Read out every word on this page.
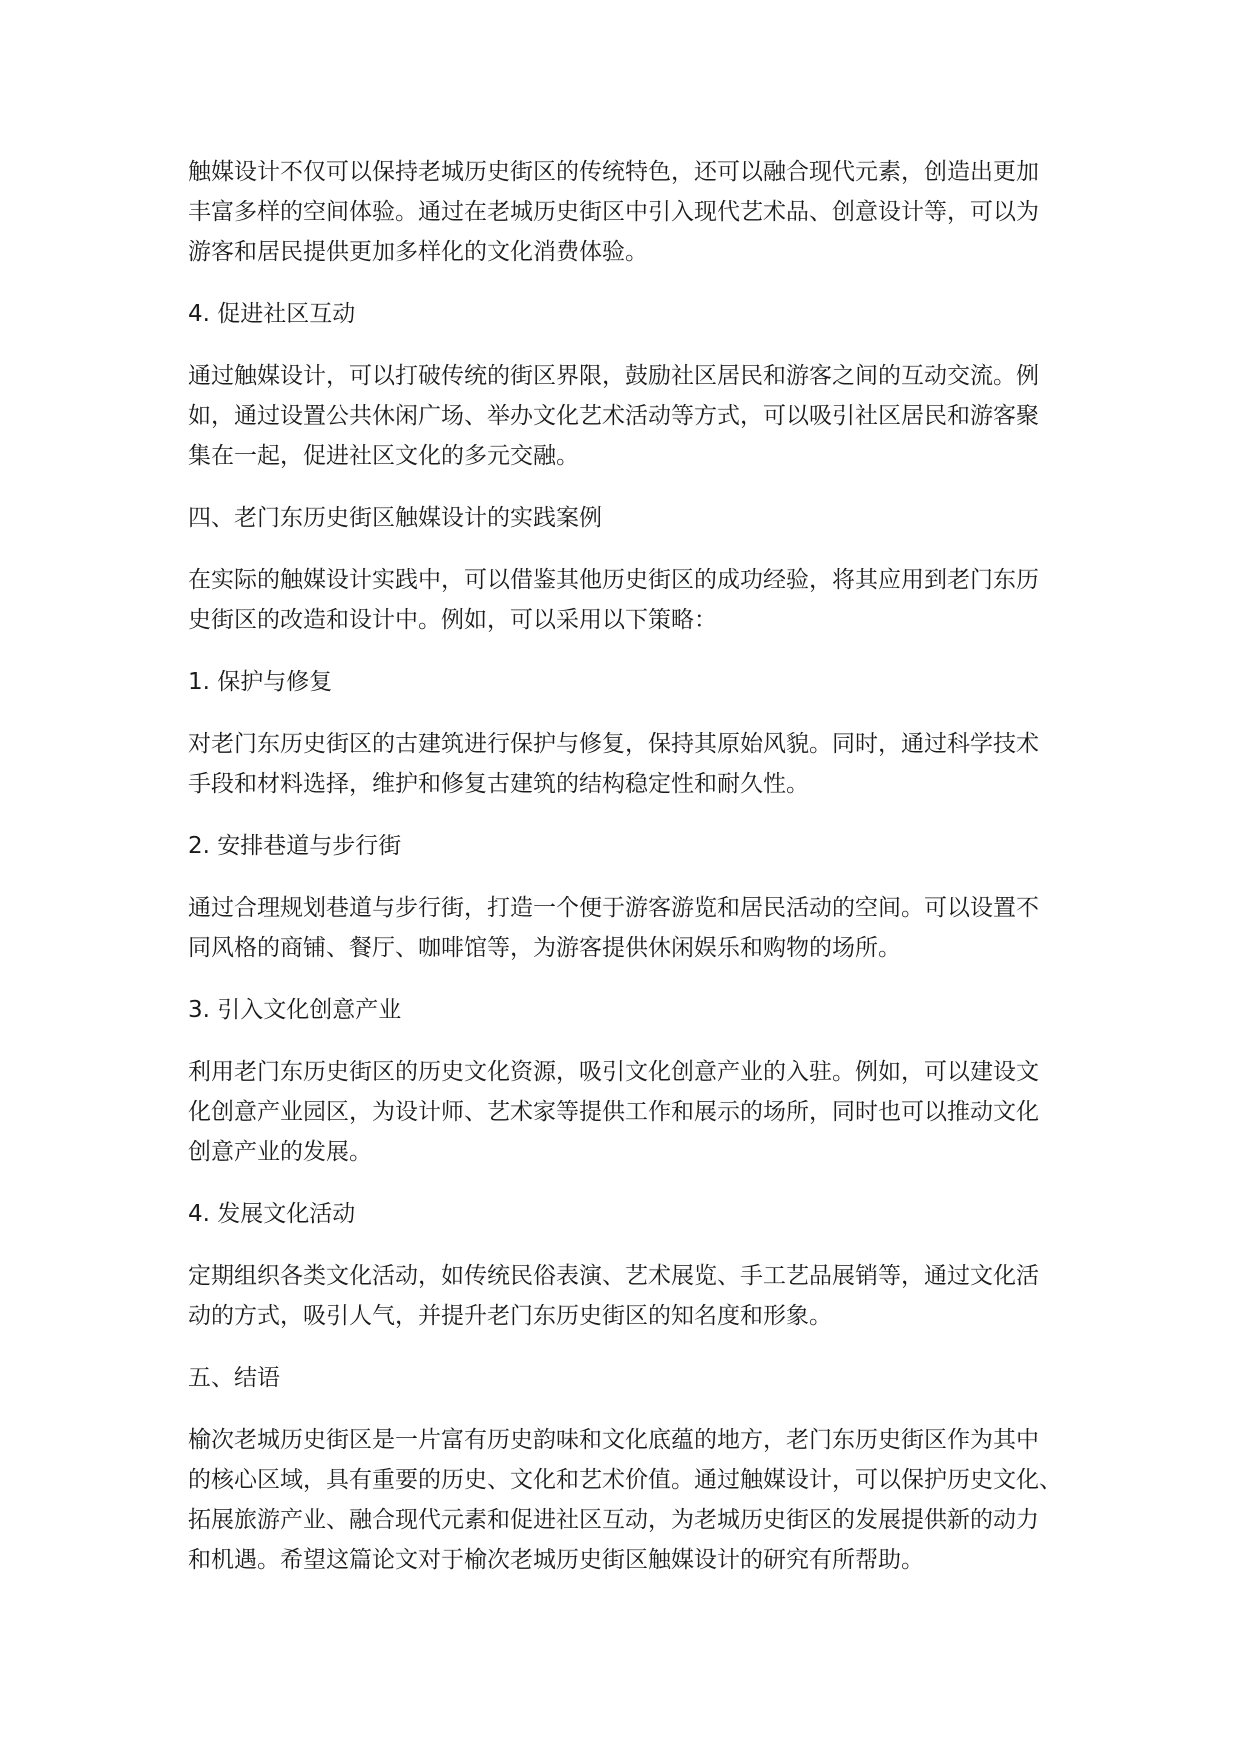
触媒设计不仅可以保持老城历史街区的传统特色，还可以融合现代元素，创造出更加
丰富多样的空间体验。通过在老城历史街区中引入现代艺术品、创意设计等，可以为
游客和居民提供更加多样化的文化消费体验。

4. 促进社区互动

通过触媒设计，可以打破传统的街区界限，鼓励社区居民和游客之间的互动交流。例
如，通过设置公共休闲广场、举办文化艺术活动等方式，可以吸引社区居民和游客聚
集在一起，促进社区文化的多元交融。

四、老门东历史街区触媒设计的实践案例

在实际的触媒设计实践中，可以借鉴其他历史街区的成功经验，将其应用到老门东历
史街区的改造和设计中。例如，可以采用以下策略：

1. 保护与修复

对老门东历史街区的古建筑进行保护与修复，保持其原始风貌。同时，通过科学技术
手段和材料选择，维护和修复古建筑的结构稳定性和耐久性。

2. 安排巷道与步行街

通过合理规划巷道与步行街，打造一个便于游客游览和居民活动的空间。可以设置不
同风格的商铺、餐厅、咖啡馆等，为游客提供休闲娱乐和购物的场所。

3. 引入文化创意产业

利用老门东历史街区的历史文化资源，吸引文化创意产业的入驻。例如，可以建设文
化创意产业园区，为设计师、艺术家等提供工作和展示的场所，同时也可以推动文化
创意产业的发展。

4. 发展文化活动

定期组织各类文化活动，如传统民俗表演、艺术展览、手工艺品展销等，通过文化活
动的方式，吸引人气，并提升老门东历史街区的知名度和形象。

五、结语

榆次老城历史街区是一片富有历史韵味和文化底蕴的地方，老门东历史街区作为其中
的核心区域，具有重要的历史、文化和艺术价值。通过触媒设计，可以保护历史文化、
拓展旅游产业、融合现代元素和促进社区互动，为老城历史街区的发展提供新的动力
和机遇。希望这篇论文对于榆次老城历史街区触媒设计的研究有所帮助。
